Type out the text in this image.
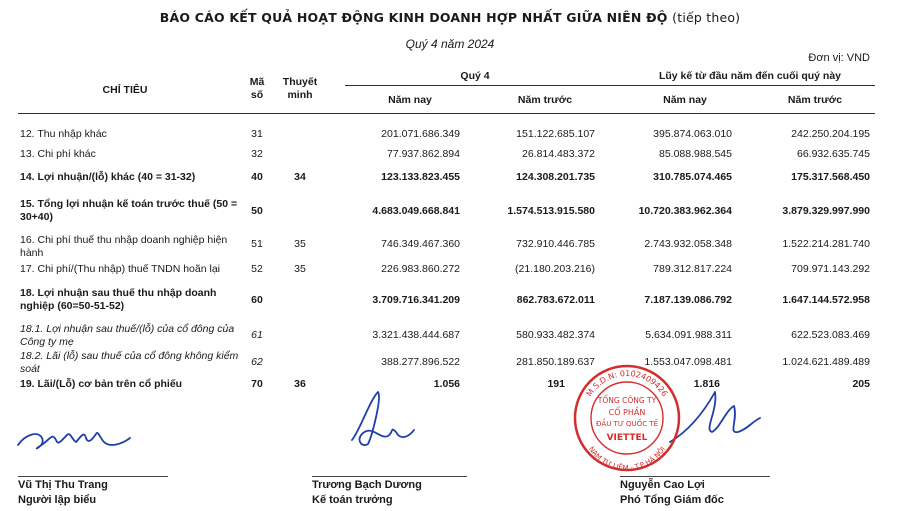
BÁO CÁO KẾT QUẢ HOẠT ĐỘNG KINH DOANH HỢP NHẤT GIỮA NIÊN ĐỘ (tiếp theo)
Quý 4 năm 2024
Đơn vị: VND
CHỈ TIÊU
Mã số
Thuyết minh
Quý 4	Lũy kế từ đầu năm đến cuối quý này
Năm nay	Năm trước	Năm nay	Năm trước
12. Thu nhập khác	31	201.071.686.349	151.122.685.107	395.874.063.010	242.250.204.195
13. Chi phí khác	32	77.937.862.894	26.814.483.372	85.088.988.545	66.932.635.745
14. Lợi nhuận/(lỗ) khác (40 = 31-32)	40	34	123.133.823.455	124.308.201.735	310.785.074.465	175.317.568.450
15. Tổng lợi nhuận kế toán trước thuế (50 = 30+40)	50	4.683.049.668.841	1.574.513.915.580	10.720.383.962.364	3.879.329.997.990
16. Chi phí thuế thu nhập doanh nghiệp hiện hành
51	35	746.349.467.360	732.910.446.785	2.743.932.058.348	1.522.214.281.740
17. Chi phí/(Thu nhập) thuế TNDN hoãn lại	52	35	226.983.860.272	(21.180.203.216)	789.312.817.224	709.971.143.292
18. Lợi nhuận sau thuế thu nhập doanh nghiệp (60=50-51-52)	60	3.709.716.341.209	862.783.672.011	7.187.139.086.792	1.647.144.572.958
18.1. Lợi nhuận sau thuế/(lỗ) của cổ đông của Công ty mẹ
61	3.321.438.444.687	580.933.482.374	5.634.091.988.311	622.523.083.469
18.2. Lãi (lỗ) sau thuế của cổ đông không kiểm soát
62	388.277.896.522	281.850.189.637	1.553.047.098.481	1.024.621.489.489
19. Lãi/(Lỗ) cơ bản trên cổ phiếu	70	36	1.056	191	1.816	205
M.S.D.N: 0102409426
NAM TỪ LIÊM - T.P HÀ NỘI
TỔNG CÔNG TY
CỔ PHẦN
ĐẦU TƯ QUỐC TẾ
VIETTEL
Vũ Thị Thu Trang
Người lập biểu
Trương Bạch Dương
Kế toán trưởng
Nguyễn Cao Lợi
Phó Tổng Giám đốc
